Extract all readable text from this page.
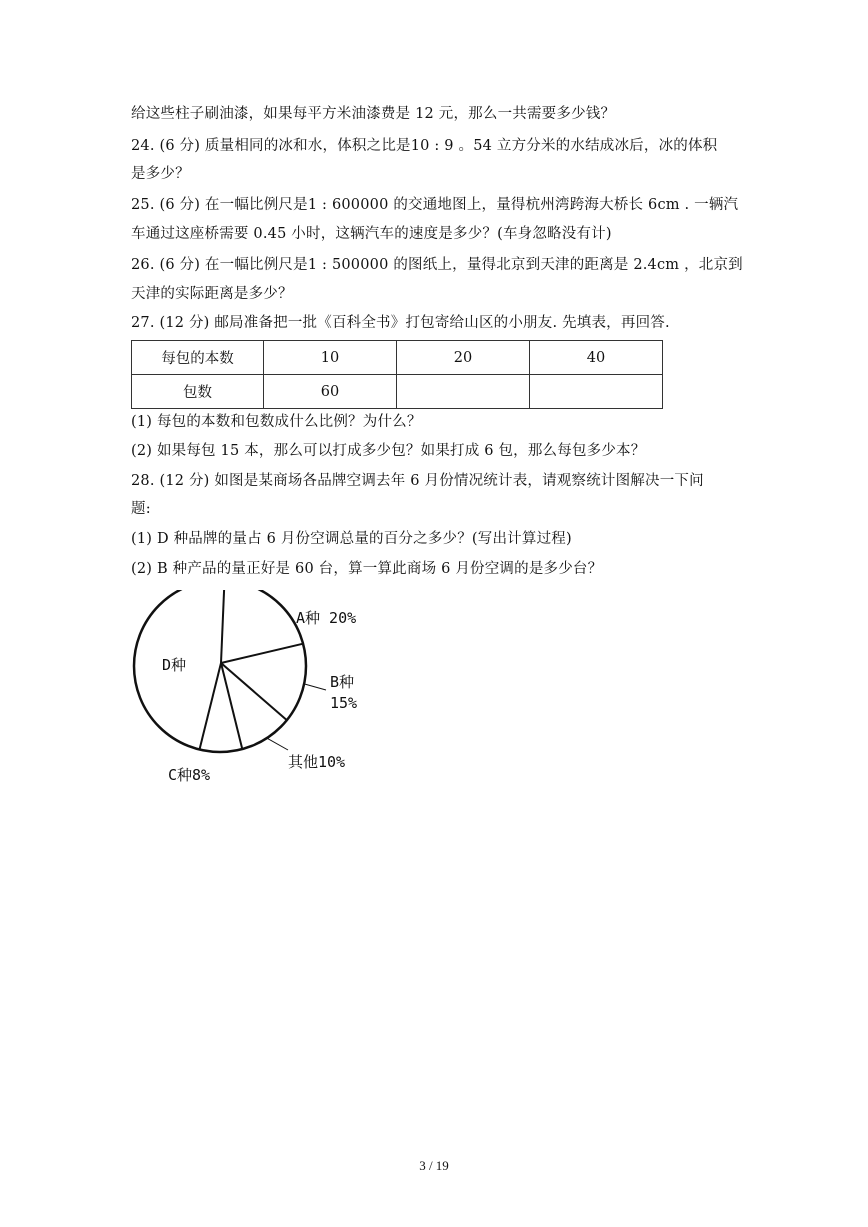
给这些柱子刷油漆，如果每平方米油漆费是 12 元，那么一共需要多少钱？
24. (6 分) 质量相同的冰和水，体积之比是10 : 9 。54 立方分米的水结成冰后，冰的体积
是多少？
25. (6 分) 在一幅比例尺是1 : 600000 的交通地图上，量得杭州湾跨海大桥长 6cm . 一辆汽
车通过这座桥需要 0.45 小时，这辆汽车的速度是多少？(车身忽略没有计)
26. (6 分) 在一幅比例尺是1 : 500000 的图纸上，量得北京到天津的距离是 2.4cm ，北京到
天津的实际距离是多少？
27. (12 分) 邮局准备把一批《百科全书》打包寄给山区的小朋友. 先填表，再回答.
每包的本数	10	20	40
包数	60		
(1) 每包的本数和包数成什么比例？为什么？
(2) 如果每包 15 本，那么可以打成多少包？如果打成 6 包，那么每包多少本？
28. (12 分) 如图是某商场各品牌空调去年 6 月份情况统计表，请观察统计图解决一下问
题:
(1) D 种品牌的量占 6 月份空调总量的百分之多少？(写出计算过程)
(2) B 种产品的量正好是 60 台，算一算此商场 6 月份空调的是多少台？
A种 20%
B种
15%
其他10%
C种8%
D种
3 / 19
